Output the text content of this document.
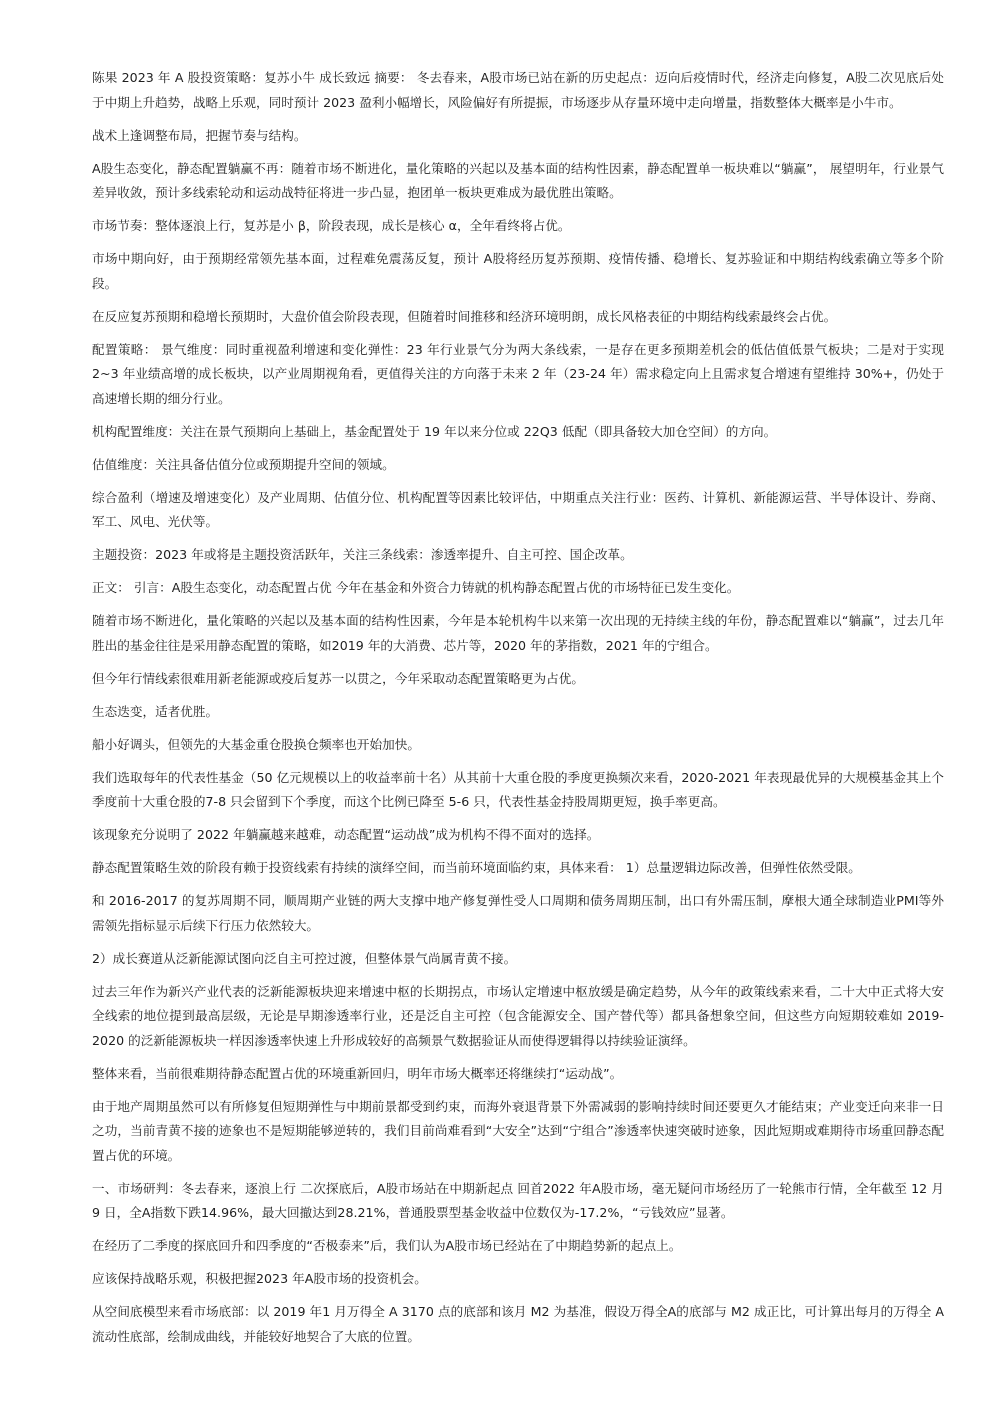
陈果 2023 年 A 股投资策略：复苏小牛 成长致远 摘要： 冬去春来，A股市场已站在新的历史起点：迈向后疫情时代，经济走向修复，A股二次见底后处于中期上升趋势，战略上乐观，同时预计 2023 盈利小幅增长，风险偏好有所提振，市场逐步从存量环境中走向增量，指数整体大概率是小牛市。

战术上逢调整布局，把握节奏与结构。

A股生态变化，静态配置躺赢不再：随着市场不断进化，量化策略的兴起以及基本面的结构性因素，静态配置单一板块难以“躺赢”， 展望明年，行业景气差异收敛，预计多线索轮动和运动战特征将进一步凸显，抱团单一板块更难成为最优胜出策略。

市场节奏：整体逐浪上行，复苏是小 β，阶段表现，成长是核心 α，全年看终将占优。

市场中期向好，由于预期经常领先基本面，过程难免震荡反复，预计 A股将经历复苏预期、疫情传播、稳增长、复苏验证和中期结构线索确立等多个阶段。

在反应复苏预期和稳增长预期时，大盘价值会阶段表现，但随着时间推移和经济环境明朗，成长风格表征的中期结构线索最终会占优。

配置策略： 景气维度：同时重视盈利增速和变化弹性：23 年行业景气分为两大条线索，一是存在更多预期差机会的低估值低景气板块；二是对于实现 2~3 年业绩高增的成长板块，以产业周期视角看，更值得关注的方向落于未来 2 年（23-24 年）需求稳定向上且需求复合增速有望维持 30%+，仍处于高速增长期的细分行业。

机构配置维度：关注在景气预期向上基础上，基金配置处于 19 年以来分位或 22Q3 低配（即具备较大加仓空间）的方向。

估值维度：关注具备估值分位或预期提升空间的领域。

综合盈利（增速及增速变化）及产业周期、估值分位、机构配置等因素比较评估，中期重点关注行业：医药、计算机、新能源运营、半导体设计、券商、军工、风电、光伏等。

主题投资：2023 年或将是主题投资活跃年，关注三条线索：渗透率提升、自主可控、国企改革。

正文： 引言：A股生态变化，动态配置占优 今年在基金和外资合力铸就的机构静态配置占优的市场特征已发生变化。

随着市场不断进化，量化策略的兴起以及基本面的结构性因素，今年是本轮机构牛以来第一次出现的无持续主线的年份，静态配置难以“躺赢”，过去几年胜出的基金往往是采用静态配置的策略，如2019 年的大消费、芯片等，2020 年的茅指数，2021 年的宁组合。

但今年行情线索很难用新老能源或疫后复苏一以贯之，今年采取动态配置策略更为占优。

生态迭变，适者优胜。

船小好调头，但领先的大基金重仓股换仓频率也开始加快。

我们选取每年的代表性基金（50 亿元规模以上的收益率前十名）从其前十大重仓股的季度更换频次来看，2020-2021 年表现最优异的大规模基金其上个季度前十大重仓股的7-8 只会留到下个季度，而这个比例已降至 5-6 只，代表性基金持股周期更短，换手率更高。

该现象充分说明了 2022 年躺赢越来越难，动态配置“运动战”成为机构不得不面对的选择。

静态配置策略生效的阶段有赖于投资线索有持续的演绎空间，而当前环境面临约束，具体来看： 1）总量逻辑边际改善，但弹性依然受限。

和 2016-2017 的复苏周期不同，顺周期产业链的两大支撑中地产修复弹性受人口周期和债务周期压制，出口有外需压制，摩根大通全球制造业PMI等外需领先指标显示后续下行压力依然较大。

2）成长赛道从泛新能源试图向泛自主可控过渡，但整体景气尚属青黄不接。

过去三年作为新兴产业代表的泛新能源板块迎来增速中枢的长期拐点，市场认定增速中枢放缓是确定趋势，从今年的政策线索来看，二十大中正式将大安全线索的地位提到最高层级，无论是早期渗透率行业，还是泛自主可控（包含能源安全、国产替代等）都具备想象空间，但这些方向短期较难如 2019-2020 的泛新能源板块一样因渗透率快速上升形成较好的高频景气数据验证从而使得逻辑得以持续验证演绎。

整体来看，当前很难期待静态配置占优的环境重新回归，明年市场大概率还将继续打“运动战”。

由于地产周期虽然可以有所修复但短期弹性与中期前景都受到约束，而海外衰退背景下外需减弱的影响持续时间还要更久才能结束；产业变迁向来非一日之功，当前青黄不接的迹象也不是短期能够逆转的，我们目前尚难看到“大安全”达到“宁组合”渗透率快速突破时迹象，因此短期或难期待市场重回静态配置占优的环境。

一、市场研判：冬去春来，逐浪上行 二次探底后，A股市场站在中期新起点 回首2022 年A股市场，毫无疑问市场经历了一轮熊市行情，全年截至 12 月 9 日，全A指数下跌14.96%，最大回撤达到28.21%，普通股票型基金收益中位数仅为-17.2%，“亏钱效应”显著。

在经历了二季度的探底回升和四季度的“否极泰来”后，我们认为A股市场已经站在了中期趋势新的起点上。

应该保持战略乐观，积极把握2023 年A股市场的投资机会。

从空间底模型来看市场底部：以 2019 年1 月万得全 A 3170 点的底部和该月 M2 为基准，假设万得全A的底部与 M2 成正比，可计算出每月的万得全 A流动性底部，绘制成曲线，并能较好地契合了大底的位置。
